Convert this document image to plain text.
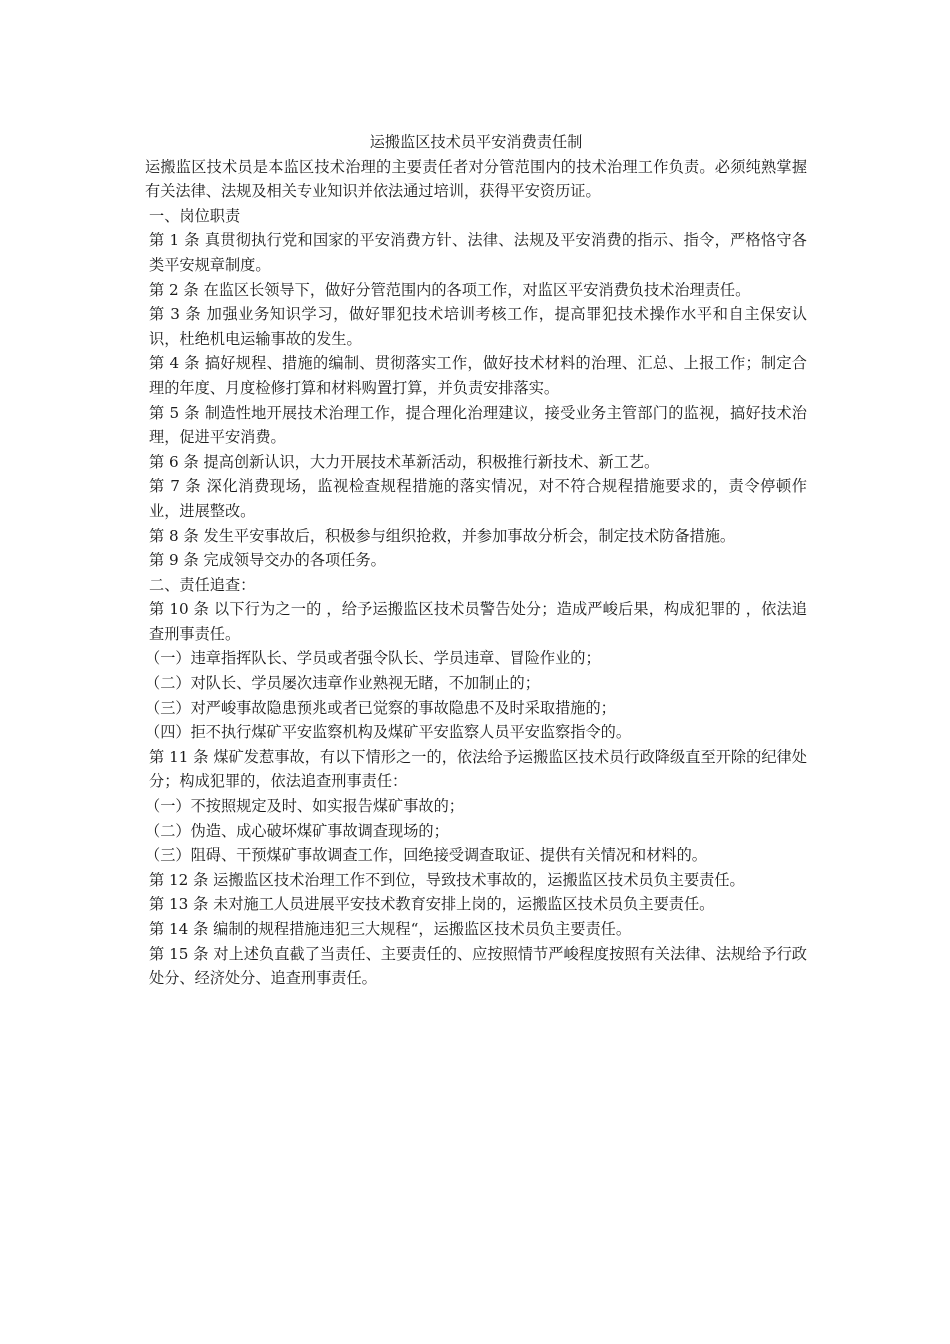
运搬监区技术员平安消费责任制

运搬监区技术员是本监区技术治理的主要责任者对分管范围内的技术治理工作负责。必须纯熟掌握有关法律、法规及相关专业知识并依法通过培训，获得平安资历证。

一、岗位职责

第 1 条 真贯彻执行党和国家的平安消费方针、法律、法规及平安消费的指示、指令，严格恪守各类平安规章制度。

第 2 条 在监区长领导下，做好分管范围内的各项工作，对监区平安消费负技术治理责任。

第 3 条 加强业务知识学习，做好罪犯技术培训考核工作，提高罪犯技术操作水平和自主保安认识，杜绝机电运输事故的发生。

第 4 条 搞好规程、措施的编制、贯彻落实工作，做好技术材料的治理、汇总、上报工作；制定合理的年度、月度检修打算和材料购置打算，并负责安排落实。

第 5 条 制造性地开展技术治理工作，提合理化治理建议，接受业务主管部门的监视，搞好技术治理，促进平安消费。

第 6 条 提高创新认识，大力开展技术革新活动，积极推行新技术、新工艺。

第 7 条 深化消费现场，监视检查规程措施的落实情况，对不符合规程措施要求的，责令停顿作业，进展整改。

第 8 条 发生平安事故后，积极参与组织抢救，并参加事故分析会，制定技术防备措施。

第 9 条 完成领导交办的各项任务。

二、责任追查：

第 10 条 以下行为之一的 ，给予运搬监区技术员警告处分；造成严峻后果，构成犯罪的 ，依法追查刑事责任。

（一）违章指挥队长、学员或者强令队长、学员违章、冒险作业的；

（二）对队长、学员屡次违章作业熟视无睹，不加制止的；

（三）对严峻事故隐患预兆或者已觉察的事故隐患不及时采取措施的；

（四）拒不执行煤矿平安监察机构及煤矿平安监察人员平安监察指令的。

第 11 条 煤矿发惹事故，有以下情形之一的，依法给予运搬监区技术员行政降级直至开除的纪律处分；构成犯罪的，依法追查刑事责任：

（一）不按照规定及时、如实报告煤矿事故的；

（二）伪造、成心破坏煤矿事故调查现场的；

（三）阻碍、干预煤矿事故调查工作，回绝接受调查取证、提供有关情况和材料的。

第 12 条 运搬监区技术治理工作不到位，导致技术事故的，运搬监区技术员负主要责任。

第 13 条 未对施工人员进展平安技术教育安排上岗的，运搬监区技术员负主要责任。

第 14 条 编制的规程措施违犯三大规程“，运搬监区技术员负主要责任。

第 15 条 对上述负直截了当责任、主要责任的、应按照情节严峻程度按照有关法律、法规给予行政处分、经济处分、追查刑事责任。
